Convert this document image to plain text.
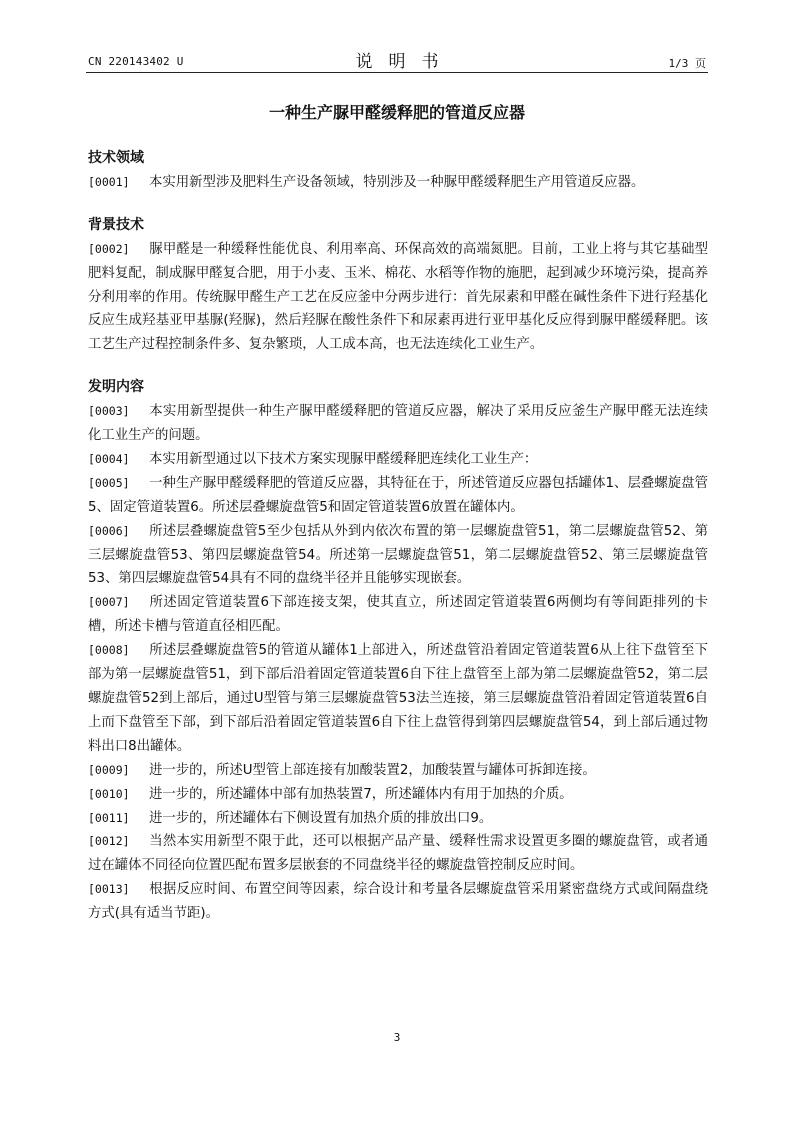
CN 220143402 U	说明书	1/3 页
一种生产脲甲醛缓释肥的管道反应器
技术领域
[0001] 本实用新型涉及肥料生产设备领域，特别涉及一种脲甲醛缓释肥生产用管道反应器。
背景技术
[0002] 脲甲醛是一种缓释性能优良、利用率高、环保高效的高端氮肥。目前，工业上将与其它基础型肥料复配，制成脲甲醛复合肥，用于小麦、玉米、棉花、水稻等作物的施肥，起到减少环境污染，提高养分利用率的作用。传统脲甲醛生产工艺在反应釜中分两步进行：首先尿素和甲醛在碱性条件下进行羟基化反应生成羟基亚甲基脲(羟脲)，然后羟脲在酸性条件下和尿素再进行亚甲基化反应得到脲甲醛缓释肥。该工艺生产过程控制条件多、复杂繁琐，人工成本高，也无法连续化工业生产。
发明内容
[0003] 本实用新型提供一种生产脲甲醛缓释肥的管道反应器，解决了采用反应釜生产脲甲醛无法连续化工业生产的问题。
[0004] 本实用新型通过以下技术方案实现脲甲醛缓释肥连续化工业生产：
[0005] 一种生产脲甲醛缓释肥的管道反应器，其特征在于，所述管道反应器包括罐体1、层叠螺旋盘管5、固定管道装置6。所述层叠螺旋盘管5和固定管道装置6放置在罐体内。
[0006] 所述层叠螺旋盘管5至少包括从外到内依次布置的第一层螺旋盘管51，第二层螺旋盘管52、第三层螺旋盘管53、第四层螺旋盘管54。所述第一层螺旋盘管51，第二层螺旋盘管52、第三层螺旋盘管53、第四层螺旋盘管54具有不同的盘绕半径并且能够实现嵌套。
[0007] 所述固定管道装置6下部连接支架，使其直立，所述固定管道装置6两侧均有等间距排列的卡槽，所述卡槽与管道直径相匹配。
[0008] 所述层叠螺旋盘管5的管道从罐体1上部进入，所述盘管沿着固定管道装置6从上往下盘管至下部为第一层螺旋盘管51，到下部后沿着固定管道装置6自下往上盘管至上部为第二层螺旋盘管52，第二层螺旋盘管52到上部后，通过U型管与第三层螺旋盘管53法兰连接，第三层螺旋盘管沿着固定管道装置6自上而下盘管至下部，到下部后沿着固定管道装置6自下往上盘管得到第四层螺旋盘管54，到上部后通过物料出口8出罐体。
[0009] 进一步的，所述U型管上部连接有加酸装置2，加酸装置与罐体可拆卸连接。
[0010] 进一步的，所述罐体中部有加热装置7，所述罐体内有用于加热的介质。
[0011] 进一步的，所述罐体右下侧设置有加热介质的排放出口9。
[0012] 当然本实用新型不限于此，还可以根据产品产量、缓释性需求设置更多圈的螺旋盘管，或者通过在罐体不同径向位置匹配布置多层嵌套的不同盘绕半径的螺旋盘管控制反应时间。
[0013] 根据反应时间、布置空间等因素，综合设计和考量各层螺旋盘管采用紧密盘绕方式或间隔盘绕方式(具有适当节距)。
3
